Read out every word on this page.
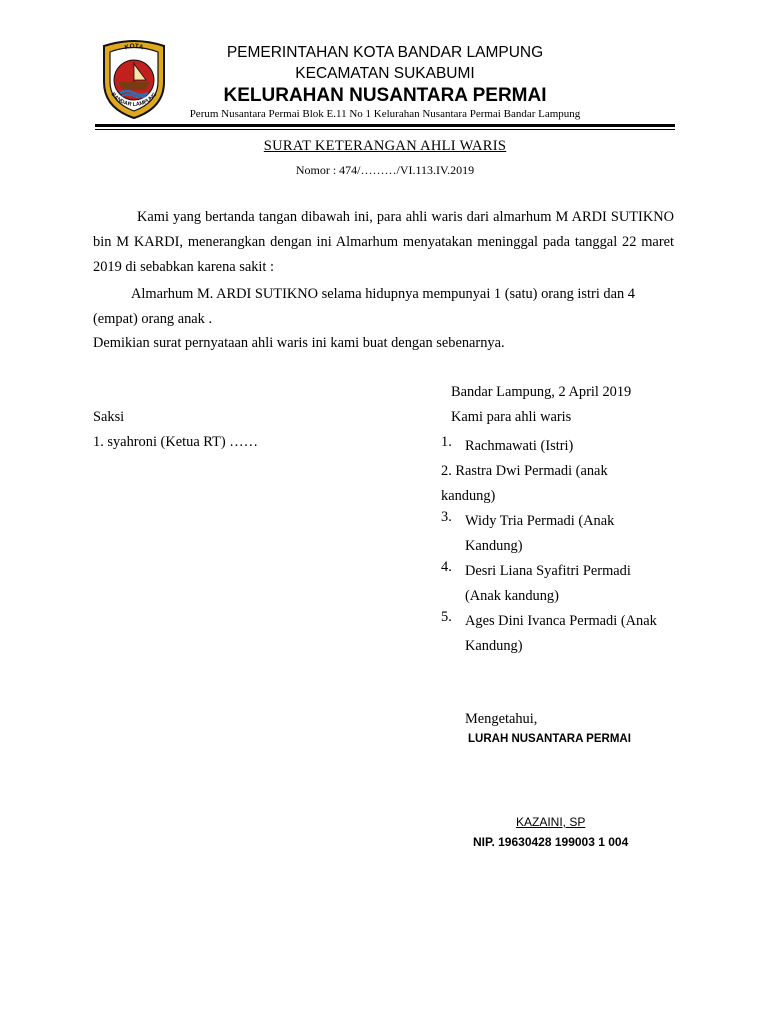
KOTA
BANDAR LAMPUNG
PEMERINTAHAN KOTA BANDAR LAMPUNG
KECAMATAN SUKABUMI
KELURAHAN NUSANTARA PERMAI
Perum Nusantara Permai Blok E.11 No 1 Kelurahan Nusantara Permai Bandar Lampung
SURAT KETERANGAN AHLI WARIS
Nomor : 474/………/VI.113.IV.2019
Kami yang bertanda tangan dibawah ini, para ahli waris dari almarhum M ARDI SUTIKNO bin M KARDI, menerangkan dengan ini Almarhum menyatakan meninggal pada tanggal 22 maret 2019 di sebabkan karena sakit :
Almarhum M. ARDI SUTIKNO selama hidupnya mempunyai 1 (satu) orang istri dan 4 (empat) orang anak .
Demikian surat pernyataan ahli waris ini kami buat dengan sebenarnya.
Bandar Lampung, 2 April 2019
Saksi	Kami para ahli waris
1. syahroni (Ketua RT) ……	1. Rachmawati (Istri)
2. Rastra Dwi Permadi (anak kandung)
3. Widy Tria Permadi (Anak Kandung)
4. Desri Liana Syafitri Permadi (Anak kandung)
5. Ages Dini Ivanca Permadi (Anak Kandung)
Mengetahui,
LURAH NUSANTARA PERMAI
KAZAINI, SP
NIP. 19630428 199003 1 004
